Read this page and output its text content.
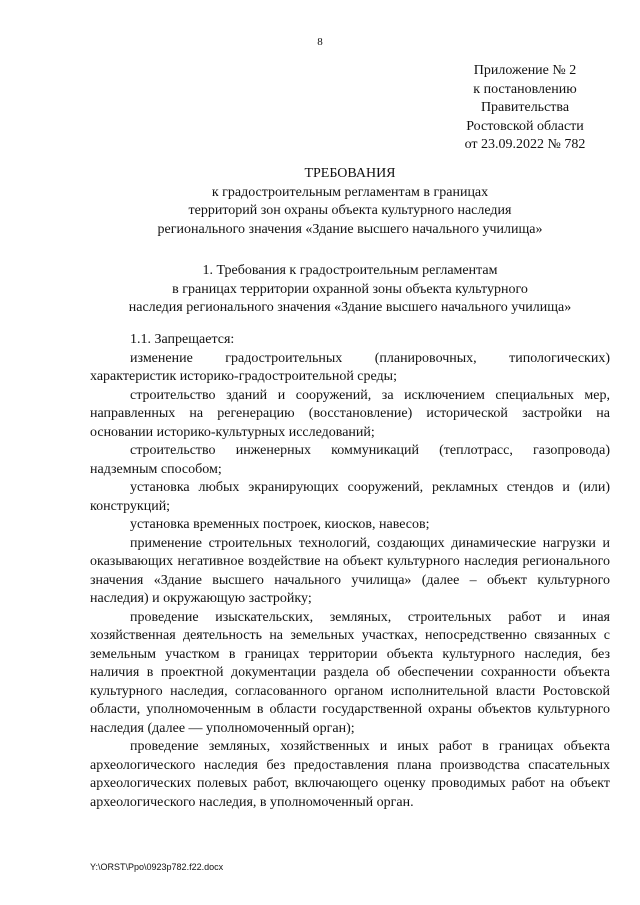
8
Приложение № 2
к постановлению
Правительства
Ростовской области
от 23.09.2022 № 782
ТРЕБОВАНИЯ
к градостроительным регламентам в границах
территорий зон охраны объекта культурного наследия
регионального значения «Здание высшего начального училища»
1. Требования к градостроительным регламентам
в границах территории охранной зоны объекта культурного
наследия регионального значения «Здание высшего начального училища»

1.1. Запрещается:

изменение градостроительных (планировочных, типологических) характеристик историко-градостроительной среды;

строительство зданий и сооружений, за исключением специальных мер, направленных на регенерацию (восстановление) исторической застройки на основании историко-культурных исследований;

строительство инженерных коммуникаций (теплотрасс, газопровода) надземным способом;

установка любых экранирующих сооружений, рекламных стендов и (или) конструкций;

установка временных построек, киосков, навесов;

применение строительных технологий, создающих динамические нагрузки и оказывающих негативное воздействие на объект культурного наследия регионального значения «Здание высшего начального училища» (далее – объект культурного наследия) и окружающую застройку;

проведение изыскательских, земляных, строительных работ и иная хозяйственная деятельность на земельных участках, непосредственно связанных с земельным участком в границах территории объекта культурного наследия, без наличия в проектной документации раздела об обеспечении сохранности объекта культурного наследия, согласованного органом исполнительной власти Ростовской области, уполномоченным в области государственной охраны объектов культурного наследия (далее — уполномоченный орган);

проведение земляных, хозяйственных и иных работ в границах объекта археологического наследия без предоставления плана производства спасательных археологических полевых работ, включающего оценку проводимых работ на объект археологического наследия, в уполномоченный орган.

Y:\ORST\Ppo\0923p782.f22.docx
